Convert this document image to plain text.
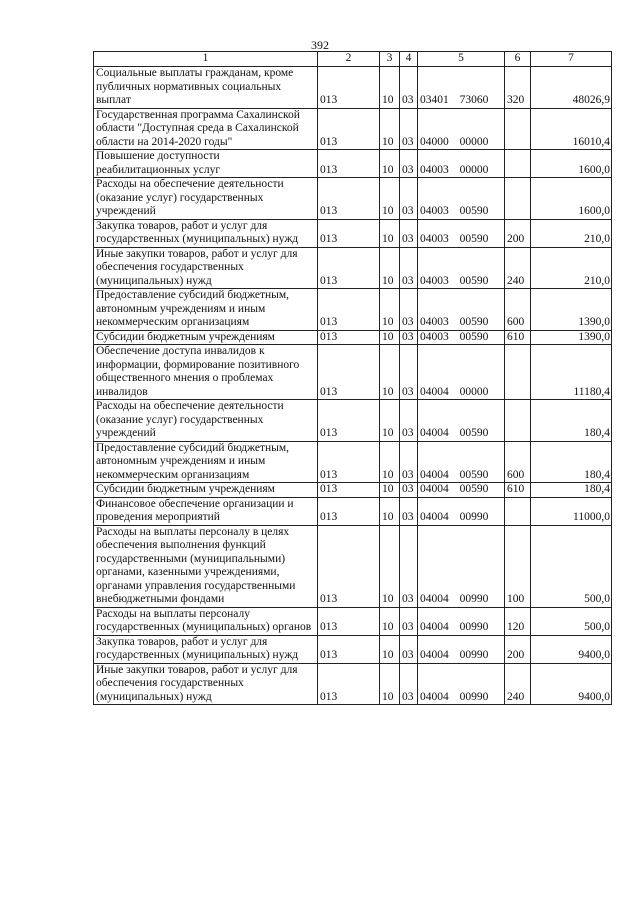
392
1	2	3	4	5	6	7
Социальные выплаты гражданам, кроме публичных нормативных социальных выплат	013	10	03	03401 73060	320	48026,9
Государственная программа Сахалинской области "Доступная среда в Сахалинской области на 2014-2020 годы"	013	10	03	04000 00000		16010,4
Повышение доступности реабилитационных услуг	013	10	03	04003 00000		1600,0
Расходы на обеспечение деятельности (оказание услуг) государственных учреждений	013	10	03	04003 00590		1600,0
Закупка товаров, работ и услуг для государственных (муниципальных) нужд	013	10	03	04003 00590	200	210,0
Иные закупки товаров, работ и услуг для обеспечения государственных (муниципальных) нужд	013	10	03	04003 00590	240	210,0
Предоставление субсидий бюджетным, автономным учреждениям и иным некоммерческим организациям	013	10	03	04003 00590	600	1390,0
Субсидии бюджетным учреждениям	013	10	03	04003 00590	610	1390,0
Обеспечение доступа инвалидов к информации, формирование позитивного общественного мнения о проблемах инвалидов	013	10	03	04004 00000		11180,4
Расходы на обеспечение деятельности (оказание услуг) государственных учреждений	013	10	03	04004 00590		180,4
Предоставление субсидий бюджетным, автономным учреждениям и иным некоммерческим организациям	013	10	03	04004 00590	600	180,4
Субсидии бюджетным учреждениям	013	10	03	04004 00590	610	180,4
Финансовое обеспечение организации и проведения мероприятий	013	10	03	04004 00990		11000,0
Расходы на выплаты персоналу в целях обеспечения выполнения функций государственными (муниципальными) органами, казенными учреждениями, органами управления государственными внебюджетными фондами	013	10	03	04004 00990	100	500,0
Расходы на выплаты персоналу государственных (муниципальных) органов	013	10	03	04004 00990	120	500,0
Закупка товаров, работ и услуг для государственных (муниципальных) нужд	013	10	03	04004 00990	200	9400,0
Иные закупки товаров, работ и услуг для обеспечения государственных (муниципальных) нужд	013	10	03	04004 00990	240	9400,0
